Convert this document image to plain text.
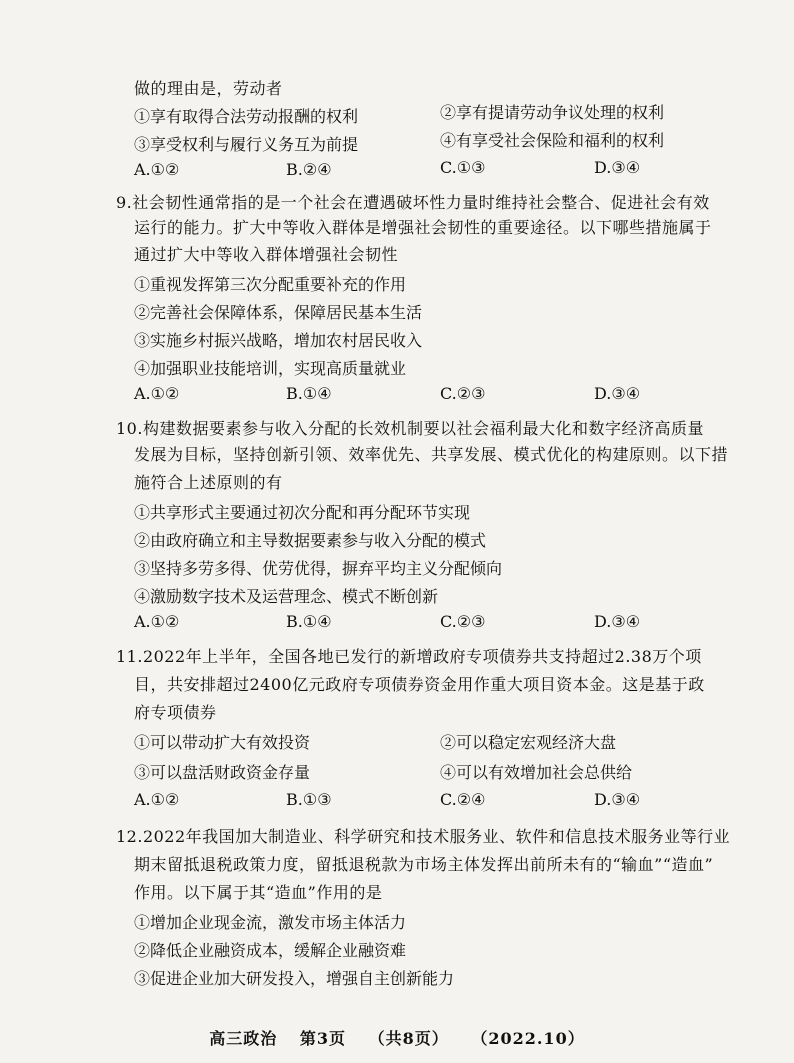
做的理由是，劳动者
①享有取得合法劳动报酬的权利	②享有提请劳动争议处理的权利
③享受权利与履行义务互为前提	④有享受社会保险和福利的权利
A.①②	B.②④	C.①③	D.③④
9.社会韧性通常指的是一个社会在遭遇破坏性力量时维持社会整合、促进社会有效
运行的能力。扩大中等收入群体是增强社会韧性的重要途径。以下哪些措施属于
通过扩大中等收入群体增强社会韧性
①重视发挥第三次分配重要补充的作用
②完善社会保障体系，保障居民基本生活
③实施乡村振兴战略，增加农村居民收入
④加强职业技能培训，实现高质量就业
A.①②	B.①④	C.②③	D.③④
10.构建数据要素参与收入分配的长效机制要以社会福利最大化和数字经济高质量
发展为目标，坚持创新引领、效率优先、共享发展、模式优化的构建原则。以下措
施符合上述原则的有
①共享形式主要通过初次分配和再分配环节实现
②由政府确立和主导数据要素参与收入分配的模式
③坚持多劳多得、优劳优得，摒弃平均主义分配倾向
④激励数字技术及运营理念、模式不断创新
A.①②	B.①④	C.②③	D.③④
11.2022年上半年，全国各地已发行的新增政府专项债券共支持超过2.38万个项
目，共安排超过2400亿元政府专项债券资金用作重大项目资本金。这是基于政
府专项债券
①可以带动扩大有效投资	②可以稳定宏观经济大盘
③可以盘活财政资金存量	④可以有效增加社会总供给
A.①②	B.①③	C.②④	D.③④
12.2022年我国加大制造业、科学研究和技术服务业、软件和信息技术服务业等行业
期末留抵退税政策力度，留抵退税款为市场主体发挥出前所未有的“输血”“造血”
作用。以下属于其“造血”作用的是
①增加企业现金流，激发市场主体活力
②降低企业融资成本，缓解企业融资难
③促进企业加大研发投入，增强自主创新能力
高三政治 第3页 （共8页） （2022.10）
